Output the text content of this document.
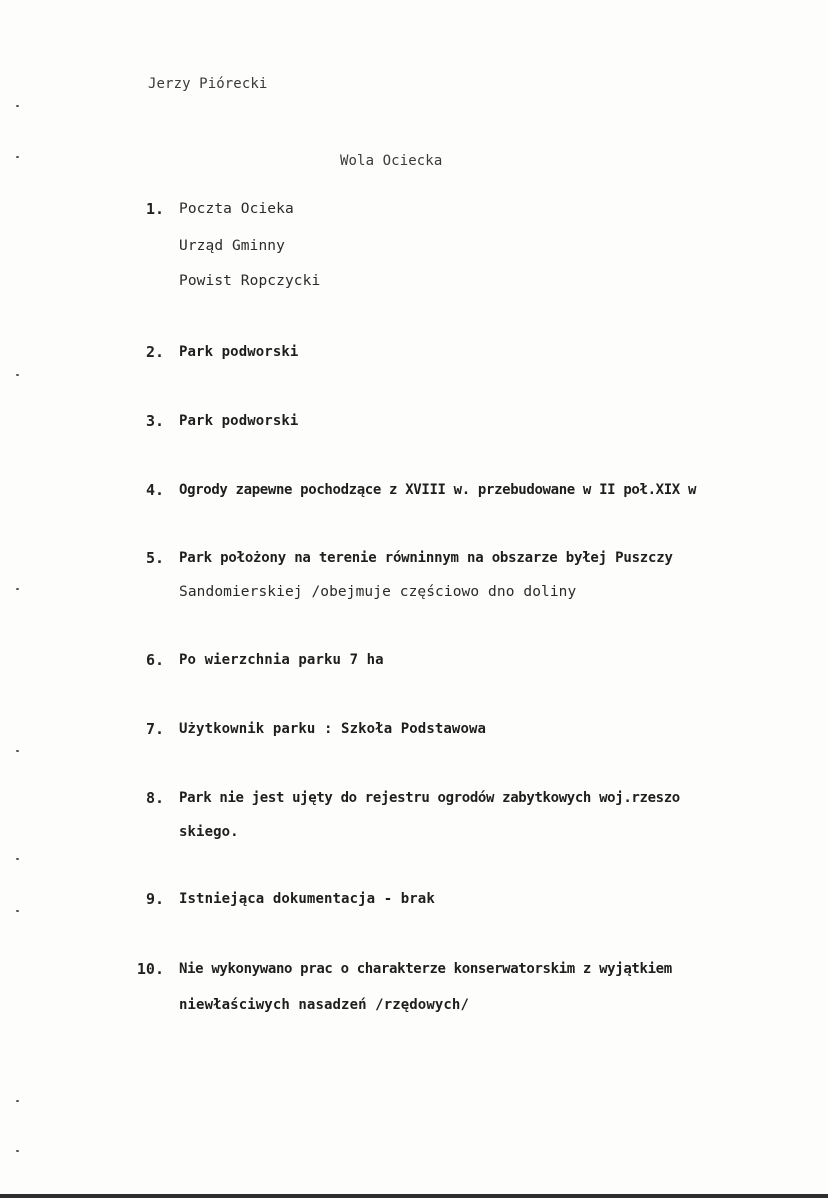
Jerzy Piórecki
Wola Ociecka
1. Poczta Ocieka
Urząd Gminny
Powist Ropczycki
2. Park podworski
3. Park podworski
4. Ogrody zapewne pochodzące z XVIII w. przebudowane w II poł.XIX w
5. Park położony na terenie równinnym na obszarze byłej Puszczy
Sandomierskiej /obejmuje częściowo dno doliny
6. Po wierzchnia parku 7 ha
7. Użytkownik parku : Szkoła Podstawowa
8. Park nie jest ujęty do rejestru ogrodów zabytkowych woj.rzeszo
skiego.
9. Istniejąca dokumentacja - brak
10. Nie wykonywano prac o charakterze konserwatorskim z wyjątkiem
niewłaściwych nasadzeń /rzędowych/
